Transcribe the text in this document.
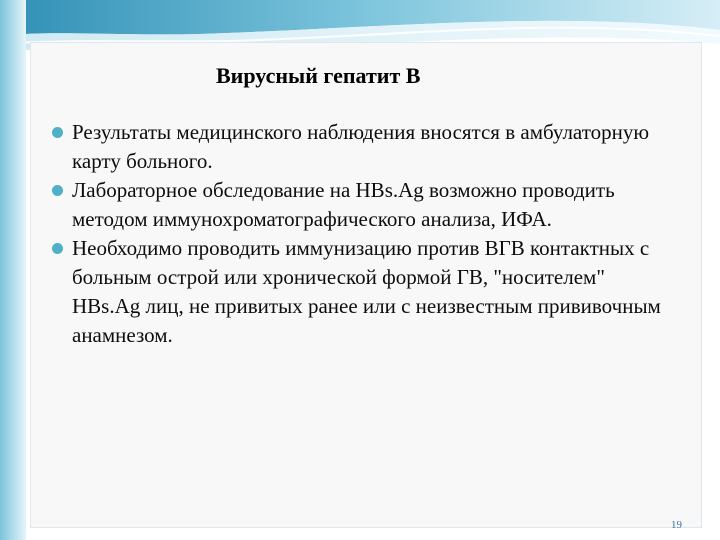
Вирусный гепатит В
Результаты медицинского наблюдения вносятся в амбулаторную карту больного.
Лабораторное обследование на HBs.Ag возможно проводить методом иммунохроматографического анализа, ИФА.
Необходимо проводить иммунизацию против ВГВ контактных с больным острой или хронической формой ГВ, "носителем" HBs.Ag лиц, не привитых ранее или с неизвестным прививочным анамнезом.
19
